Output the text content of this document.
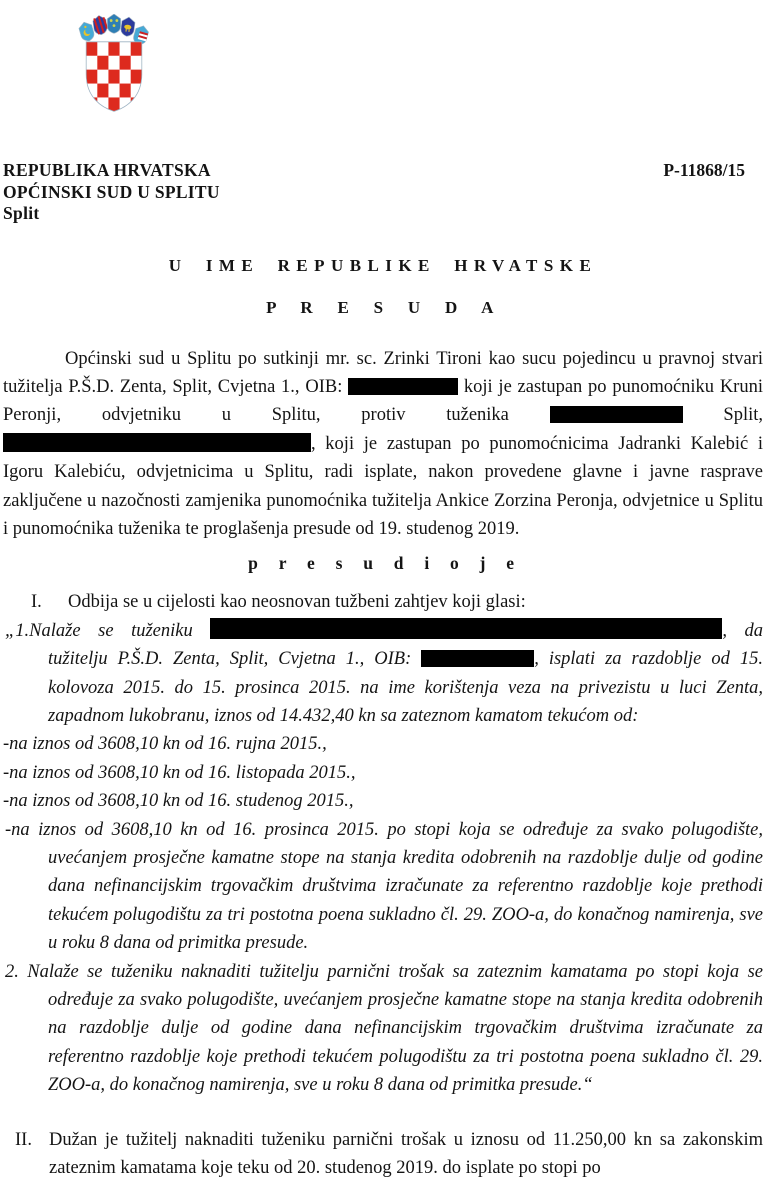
REPUBLIKA HRVATSKA
OPĆINSKI SUD U SPLITU
Split
P-11868/15
U IME REPUBLIKE HRVATSKE
P R E S U D A

Općinski sud u Splitu po sutkinji mr. sc. Zrinki Tironi kao sucu pojedincu u pravnoj stvari tužitelja P.Š.D. Zenta, Split, Cvjetna 1., OIB:	koji je zastupan po punomoćniku Kruni Peronji, odvjetniku u Splitu, protiv tuženika	Split, , koji je zastupan po punomoćnicima Jadranki Kalebić i Igoru Kalebiću, odvjetnicima u Splitu, radi isplate, nakon provedene glavne i javne rasprave zaključene u nazočnosti zamjenika punomoćnika tužitelja Ankice Zorzina Peronja, odvjetnice u Splitu i punomoćnika tuženika te proglašenja presude od 19. studenog 2019.

p r e s u d i o j e
I.	Odbija se u cijelosti kao neosnovan tužbeni zahtjev koji glasi:

„1.Nalaže se tuženiku	, da tužitelju P.Š.D. Zenta, Split, Cvjetna 1., OIB:	, isplati za razdoblje od 15. kolovoza 2015. do 15. prosinca 2015. na ime korištenja veza na privezistu u luci Zenta, zapadnom lukobranu, iznos od 14.432,40 kn sa zateznom kamatom tekućom od:

-na iznos od 3608,10 kn od 16. rujna 2015.,

-na iznos od 3608,10 kn od 16. listopada 2015.,

-na iznos od 3608,10 kn od 16. studenog 2015.,

-na iznos od 3608,10 kn od 16. prosinca 2015. po stopi koja se određuje za svako polugodište, uvećanjem prosječne kamatne stope na stanja kredita odobrenih na razdoblje dulje od godine dana nefinancijskim trgovačkim društvima izračunate za referentno razdoblje koje prethodi tekućem polugodištu za tri postotna poena sukladno čl. 29. ZOO-a, do konačnog namirenja, sve u roku 8 dana od primitka presude.

2. Nalaže se tuženiku naknaditi tužitelju parnični trošak sa zateznim kamatama po stopi koja se određuje za svako polugodište, uvećanjem prosječne kamatne stope na stanja kredita odobrenih na razdoblje dulje od godine dana nefinancijskim trgovačkim društvima izračunate za referentno razdoblje koje prethodi tekućem polugodištu za tri postotna poena sukladno čl. 29. ZOO-a, do konačnog namirenja, sve u roku 8 dana od primitka presude.“

II. Dužan je tužitelj naknaditi tuženiku parnični trošak u iznosu od 11.250,00 kn sa zakonskim zateznim kamatama koje teku od 20. studenog 2019. do isplate po stopi po
